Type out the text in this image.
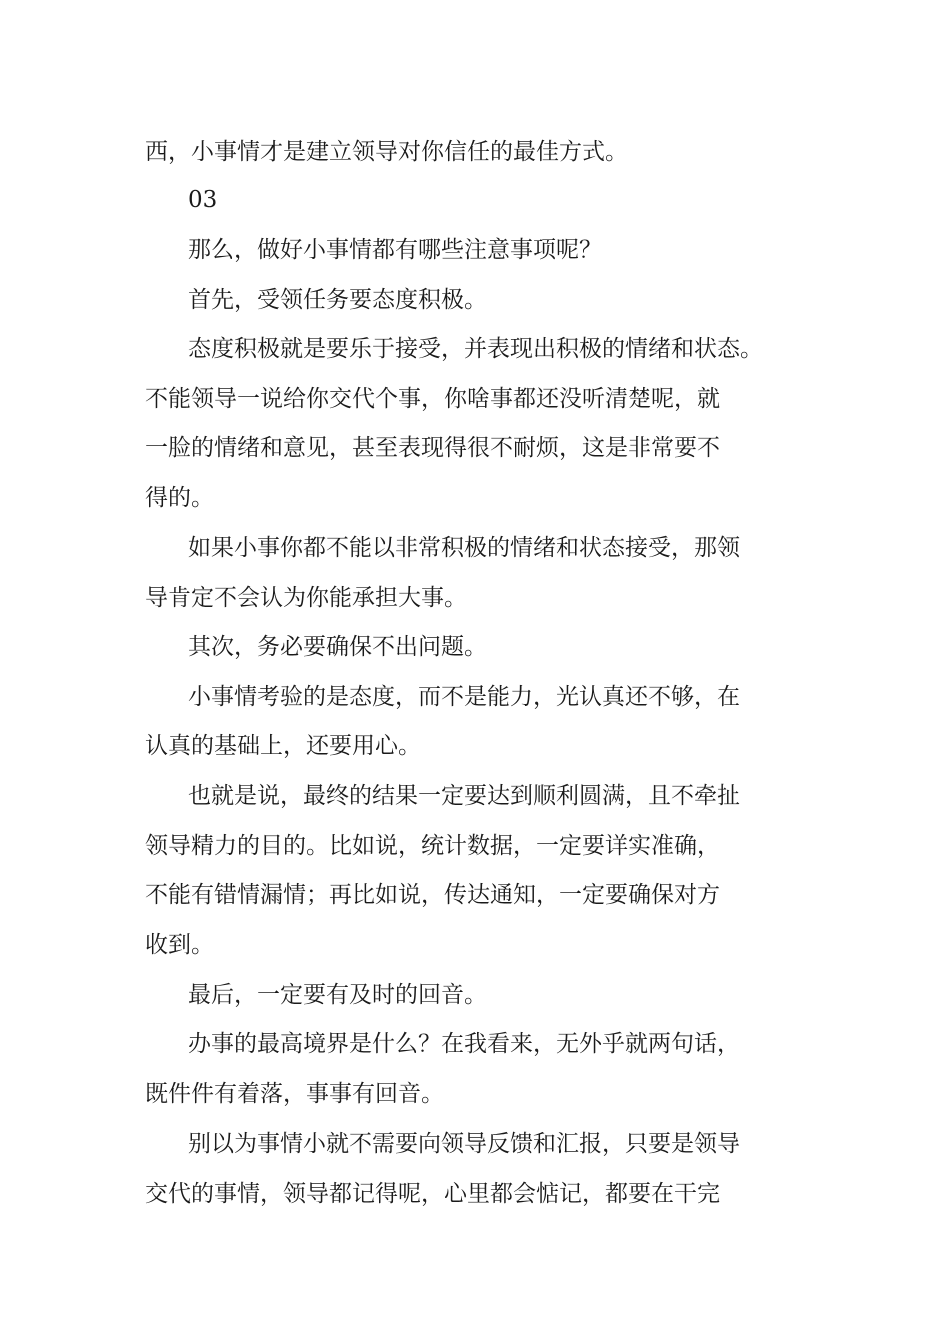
西，小事情才是建立领导对你信任的最佳方式。
03
那么，做好小事情都有哪些注意事项呢？
首先，受领任务要态度积极。
态度积极就是要乐于接受，并表现出积极的情绪和状态。
不能领导一说给你交代个事，你啥事都还没听清楚呢，就
一脸的情绪和意见，甚至表现得很不耐烦，这是非常要不
得的。
如果小事你都不能以非常积极的情绪和状态接受，那领
导肯定不会认为你能承担大事。
其次，务必要确保不出问题。
小事情考验的是态度，而不是能力，光认真还不够，在
认真的基础上，还要用心。
也就是说，最终的结果一定要达到顺利圆满，且不牵扯
领导精力的目的。比如说，统计数据，一定要详实准确，
不能有错情漏情；再比如说，传达通知，一定要确保对方
收到。
最后，一定要有及时的回音。
办事的最高境界是什么？在我看来，无外乎就两句话，
既件件有着落，事事有回音。
别以为事情小就不需要向领导反馈和汇报，只要是领导
交代的事情，领导都记得呢，心里都会惦记，都要在干完
